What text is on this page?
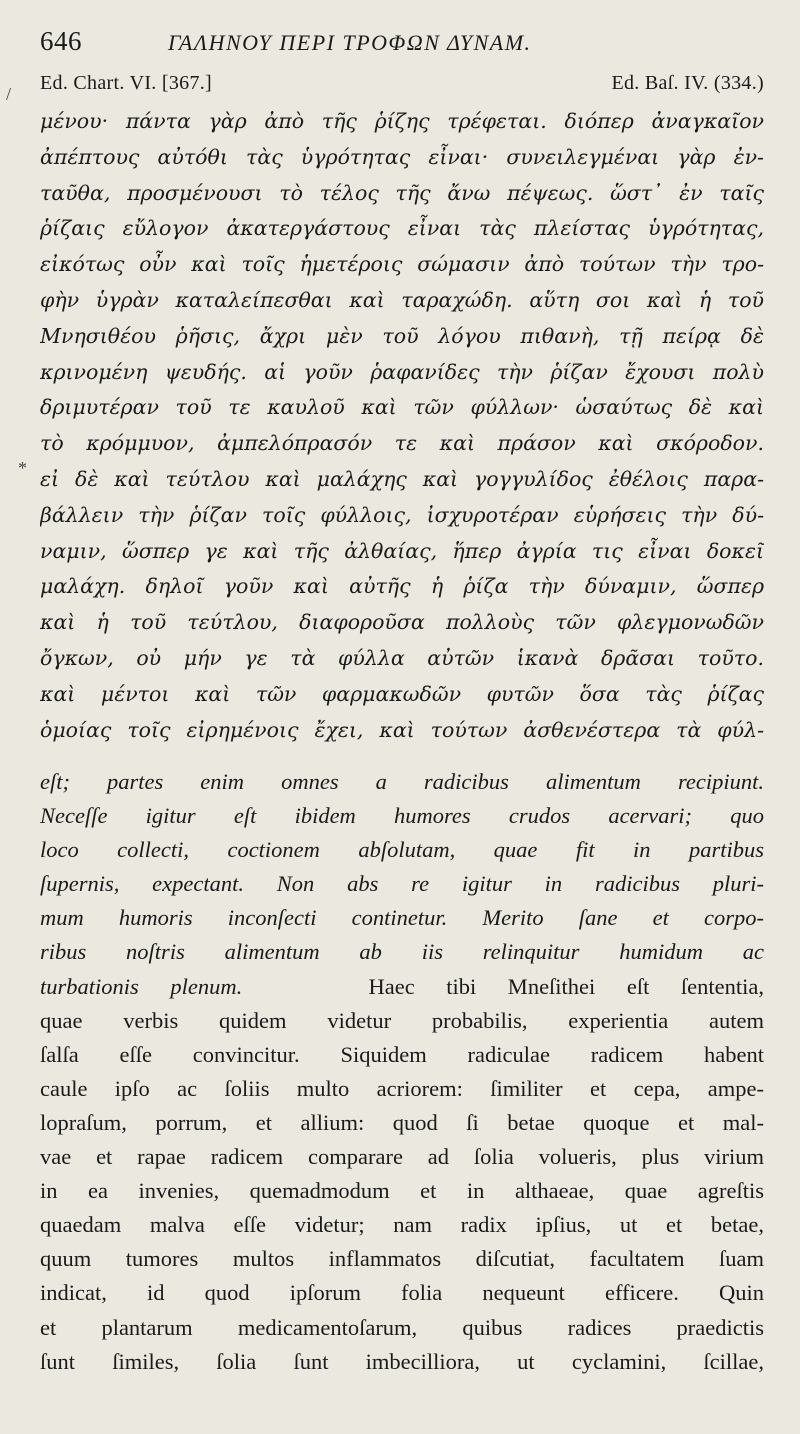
646	ΓΑΛΗΝΟΥ ΠΕΡΙ ΤΡΟΦΩΝ ΔΥΝΑΜ.
Ed. Chart. VI. [367.]	Ed. Baſ. IV. (334.)
/
*
μένου· πάντα γὰρ ἀπὸ τῆς ῥίζης τρέφεται. διόπερ ἀναγκαῖον
ἀπέπτους αὐτόθι τὰς ὑγρότητας εἶναι· συνειλεγμέναι γὰρ ἐν-
ταῦθα, προσμένουσι τὸ τέλος τῆς ἄνω πέψεως. ὥστ᾽ ἐν ταῖς
ῥίζαις εὔλογον ἀκατεργάστους εἶναι τὰς πλείστας ὑγρότητας,
εἰκότως οὖν καὶ τοῖς ἡμετέροις σώμασιν ἀπὸ τούτων τὴν τρο-
φὴν ὑγρὰν καταλείπεσθαι καὶ ταραχώδη. αὕτη σοι καὶ ἡ τοῦ
Μνησιθέου ῥῆσις, ἄχρι μὲν τοῦ λόγου πιθανὴ, τῇ πείρᾳ δὲ
κρινομένη ψευδής. αἱ γοῦν ῥαφανίδες τὴν ῥίζαν ἔχουσι πολὺ
δριμυτέραν τοῦ τε καυλοῦ καὶ τῶν φύλλων· ὡσαύτως δὲ καὶ
τὸ κρόμμυον, ἀμπελόπρασόν τε καὶ πράσον καὶ σκόροδον.
εἰ δὲ καὶ τεύτλου καὶ μαλάχης καὶ γογγυλίδος ἐθέλοις παρα-
βάλλειν τὴν ῥίζαν τοῖς φύλλοις, ἰσχυροτέραν εὑρήσεις τὴν δύ-
ναμιν, ὥσπερ γε καὶ τῆς ἀλθαίας, ἥπερ ἀγρία τις εἶναι δοκεῖ
μαλάχη. δηλοῖ γοῦν καὶ αὐτῆς ἡ ῥίζα τὴν δύναμιν, ὥσπερ
καὶ ἡ τοῦ τεύτλου, διαφοροῦσα πολλοὺς τῶν φλεγμονωδῶν
ὄγκων, οὐ μήν γε τὰ φύλλα αὐτῶν ἱκανὰ δρᾶσαι τοῦτο.
καὶ μέντοι καὶ τῶν φαρμακωδῶν φυτῶν ὅσα τὰς ῥίζας
ὁμοίας τοῖς εἰρημένοις ἔχει, καὶ τούτων ἀσθενέστερα τὰ φύλ-
eſt; partes enim omnes a radicibus alimentum recipiunt.
Neceſſe igitur eſt ibidem humores crudos acervari; quo
loco collecti, coctionem abſolutam, quae fit in partibus
ſupernis, expectant. Non abs re igitur in radicibus pluri-
mum humoris inconſecti continetur. Merito ſane et corpo-
ribus noſtris alimentum ab iis relinquitur humidum ac
turbationis plenum.	Haec tibi Mneſithei eſt ſententia,
quae verbis quidem videtur probabilis, experientia autem
ſalſa eſſe convincitur. Siquidem radiculae radicem habent
caule ipſo ac ſoliis multo acriorem: ſimiliter et cepa, ampe-
lopraſum, porrum, et allium: quod ſi betae quoque et mal-
vae et rapae radicem comparare ad ſolia volueris, plus virium
in ea invenies, quemadmodum et in althaeae, quae agreſtis
quaedam malva eſſe videtur; nam radix ipſius, ut et betae,
quum tumores multos inflammatos diſcutiat, facultatem ſuam
indicat, id quod ipſorum folia nequeunt efficere. Quin
et plantarum medicamentoſarum, quibus radices praedictis
ſunt ſimiles, ſolia ſunt imbecilliora, ut cyclamini, ſcillae,
